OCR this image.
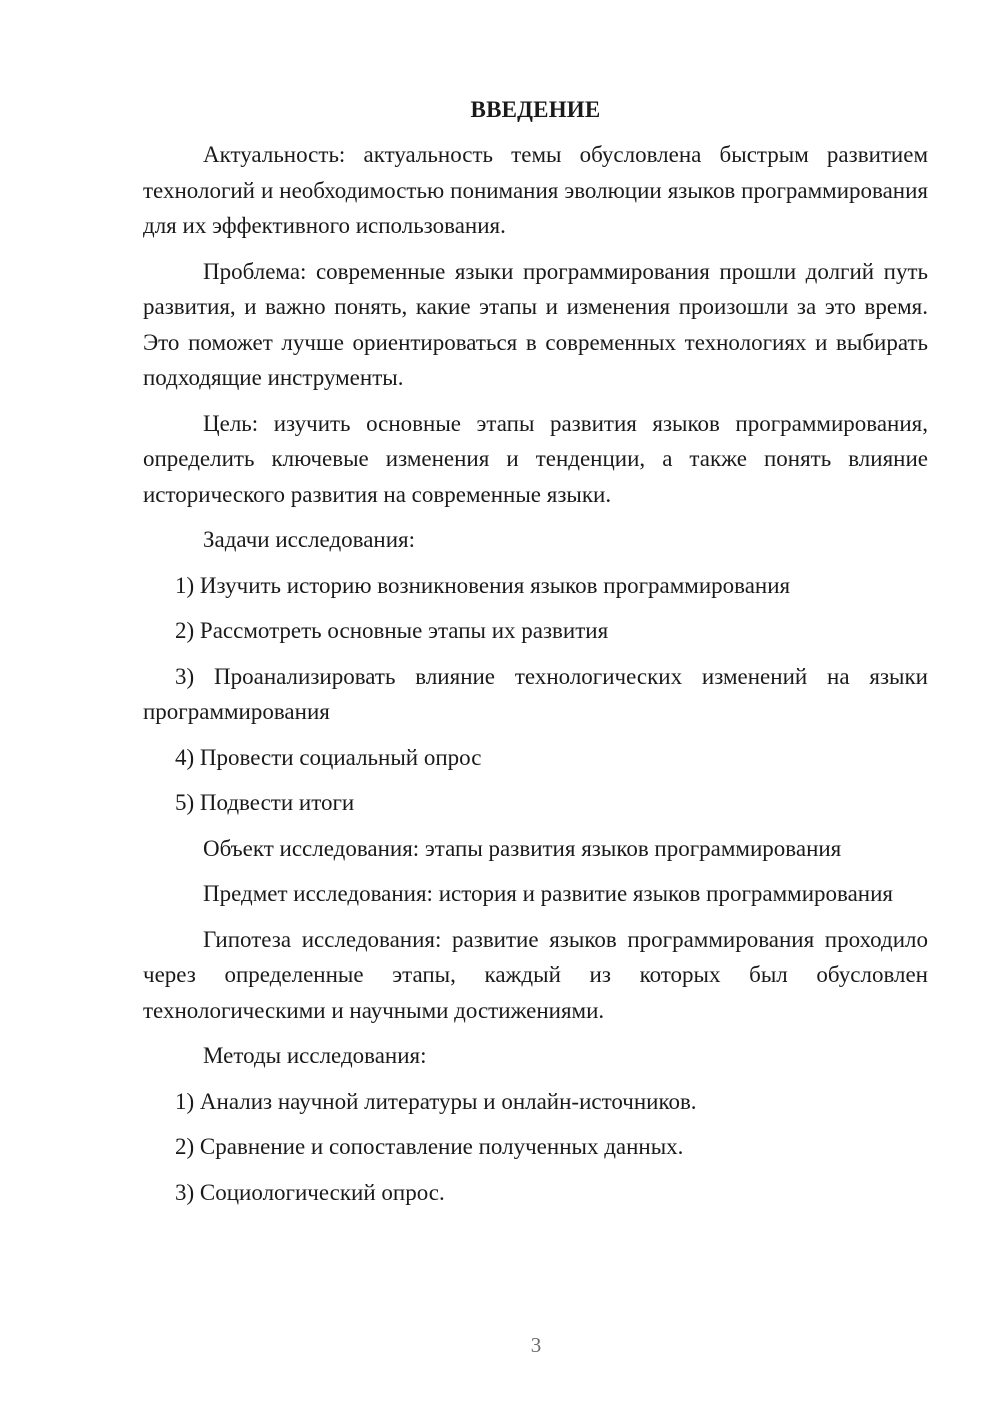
ВВЕДЕНИЕ

Актуальность: актуальность темы обусловлена быстрым развитием технологий и необходимостью понимания эволюции языков программирования для их эффективного использования.

Проблема: современные языки программирования прошли долгий путь развития, и важно понять, какие этапы и изменения произошли за это время. Это поможет лучше ориентироваться в современных технологиях и выбирать подходящие инструменты.

Цель: изучить основные этапы развития языков программирования, определить ключевые изменения и тенденции, а также понять влияние исторического развития на современные языки.

Задачи исследования:

1) Изучить историю возникновения языков программирования

2) Рассмотреть основные этапы их развития

3) Проанализировать влияние технологических изменений на языки программирования

4) Провести социальный опрос

5) Подвести итоги

Объект исследования: этапы развития языков программирования

Предмет исследования: история и развитие языков программирования

Гипотеза исследования: развитие языков программирования проходило через определенные этапы, каждый из которых был обусловлен технологическими и научными достижениями.

Методы исследования:

1) Анализ научной литературы и онлайн-источников.

2) Сравнение и сопоставление полученных данных.

3) Социологический опрос.

3
